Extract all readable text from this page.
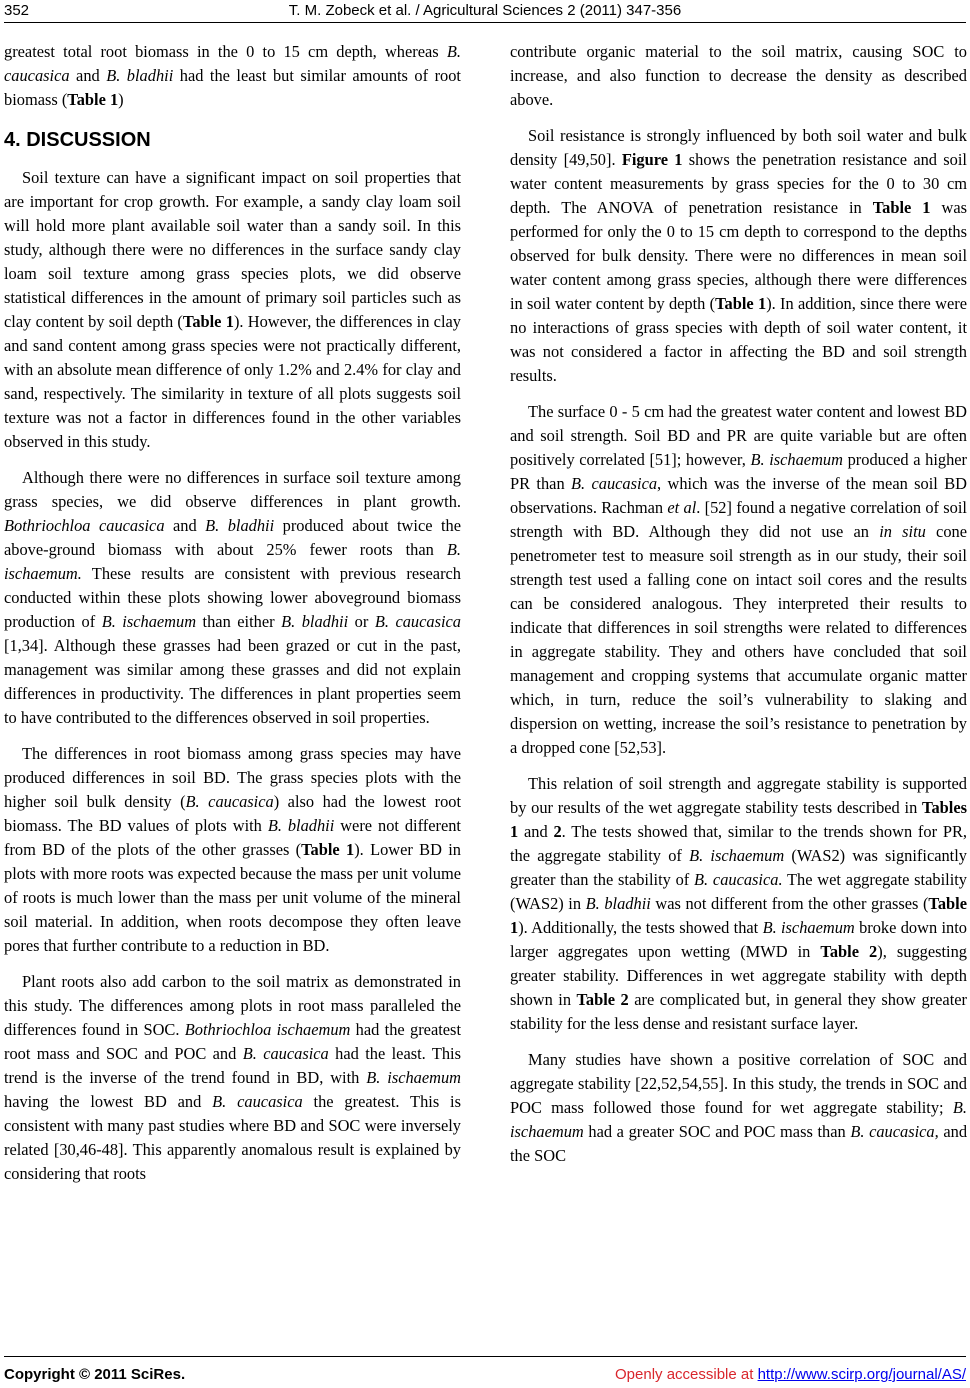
352	T. M. Zobeck et al. / Agricultural Sciences 2 (2011) 347-356

greatest total root biomass in the 0 to 15 cm depth, whereas B. caucasica and B. bladhii had the least but similar amounts of root biomass (Table 1)

4. DISCUSSION

Soil texture can have a significant impact on soil properties that are important for crop growth. For example, a sandy clay loam soil will hold more plant available soil water than a sandy soil. In this study, although there were no differences in the surface sandy clay loam soil texture among grass species plots, we did observe statistical differences in the amount of primary soil particles such as clay content by soil depth (Table 1). However, the differences in clay and sand content among grass species were not practically different, with an absolute mean difference of only 1.2% and 2.4% for clay and sand, respectively. The similarity in texture of all plots suggests soil texture was not a factor in differences found in the other variables observed in this study.

Although there were no differences in surface soil texture among grass species, we did observe differences in plant growth. Bothriochloa caucasica and B. bladhii produced about twice the above-ground biomass with about 25% fewer roots than B. ischaemum. These results are consistent with previous research conducted within these plots showing lower aboveground biomass production of B. ischaemum than either B. bladhii or B. caucasica [1,34]. Although these grasses had been grazed or cut in the past, management was similar among these grasses and did not explain differences in productivity. The differences in plant properties seem to have contributed to the differences observed in soil properties.

The differences in root biomass among grass species may have produced differences in soil BD. The grass species plots with the higher soil bulk density (B. caucasica) also had the lowest root biomass. The BD values of plots with B. bladhii were not different from BD of the plots of the other grasses (Table 1). Lower BD in plots with more roots was expected because the mass per unit volume of roots is much lower than the mass per unit volume of the mineral soil material. In addition, when roots decompose they often leave pores that further contribute to a reduction in BD.

Plant roots also add carbon to the soil matrix as demonstrated in this study. The differences among plots in root mass paralleled the differences found in SOC. Bothriochloa ischaemum had the greatest root mass and SOC and POC and B. caucasica had the least. This trend is the inverse of the trend found in BD, with B. ischaemum having the lowest BD and B. caucasica the greatest. This is consistent with many past studies where BD and SOC were inversely related [30,46-48]. This apparently anomalous result is explained by considering that roots

contribute organic material to the soil matrix, causing SOC to increase, and also function to decrease the density as described above.

Soil resistance is strongly influenced by both soil water and bulk density [49,50]. Figure 1 shows the penetration resistance and soil water content measurements by grass species for the 0 to 30 cm depth. The ANOVA of penetration resistance in Table 1 was performed for only the 0 to 15 cm depth to correspond to the depths observed for bulk density. There were no differences in mean soil water content among grass species, although there were differences in soil water content by depth (Table 1). In addition, since there were no interactions of grass species with depth of soil water content, it was not considered a factor in affecting the BD and soil strength results.

The surface 0 - 5 cm had the greatest water content and lowest BD and soil strength. Soil BD and PR are quite variable but are often positively correlated [51]; however, B. ischaemum produced a higher PR than B. caucasica, which was the inverse of the mean soil BD observations. Rachman et al. [52] found a negative correlation of soil strength with BD. Although they did not use an in situ cone penetrometer test to measure soil strength as in our study, their soil strength test used a falling cone on intact soil cores and the results can be considered analogous. They interpreted their results to indicate that differences in soil strengths were related to differences in aggregate stability. They and others have concluded that soil management and cropping systems that accumulate organic matter which, in turn, reduce the soil’s vulnerability to slaking and dispersion on wetting, increase the soil’s resistance to penetration by a dropped cone [52,53].

This relation of soil strength and aggregate stability is supported by our results of the wet aggregate stability tests described in Tables 1 and 2. The tests showed that, similar to the trends shown for PR, the aggregate stability of B. ischaemum (WAS2) was significantly greater than the stability of B. caucasica. The wet aggregate stability (WAS2) in B. bladhii was not different from the other grasses (Table 1). Additionally, the tests showed that B. ischaemum broke down into larger aggregates upon wetting (MWD in Table 2), suggesting greater stability. Differences in wet aggregate stability with depth shown in Table 2 are complicated but, in general they show greater stability for the less dense and resistant surface layer.

Many studies have shown a positive correlation of SOC and aggregate stability [22,52,54,55]. In this study, the trends in SOC and POC mass followed those found for wet aggregate stability; B. ischaemum had a greater SOC and POC mass than B. caucasica, and the SOC

Copyright © 2011 SciRes.	Openly accessible at http://www.scirp.org/journal/AS/
